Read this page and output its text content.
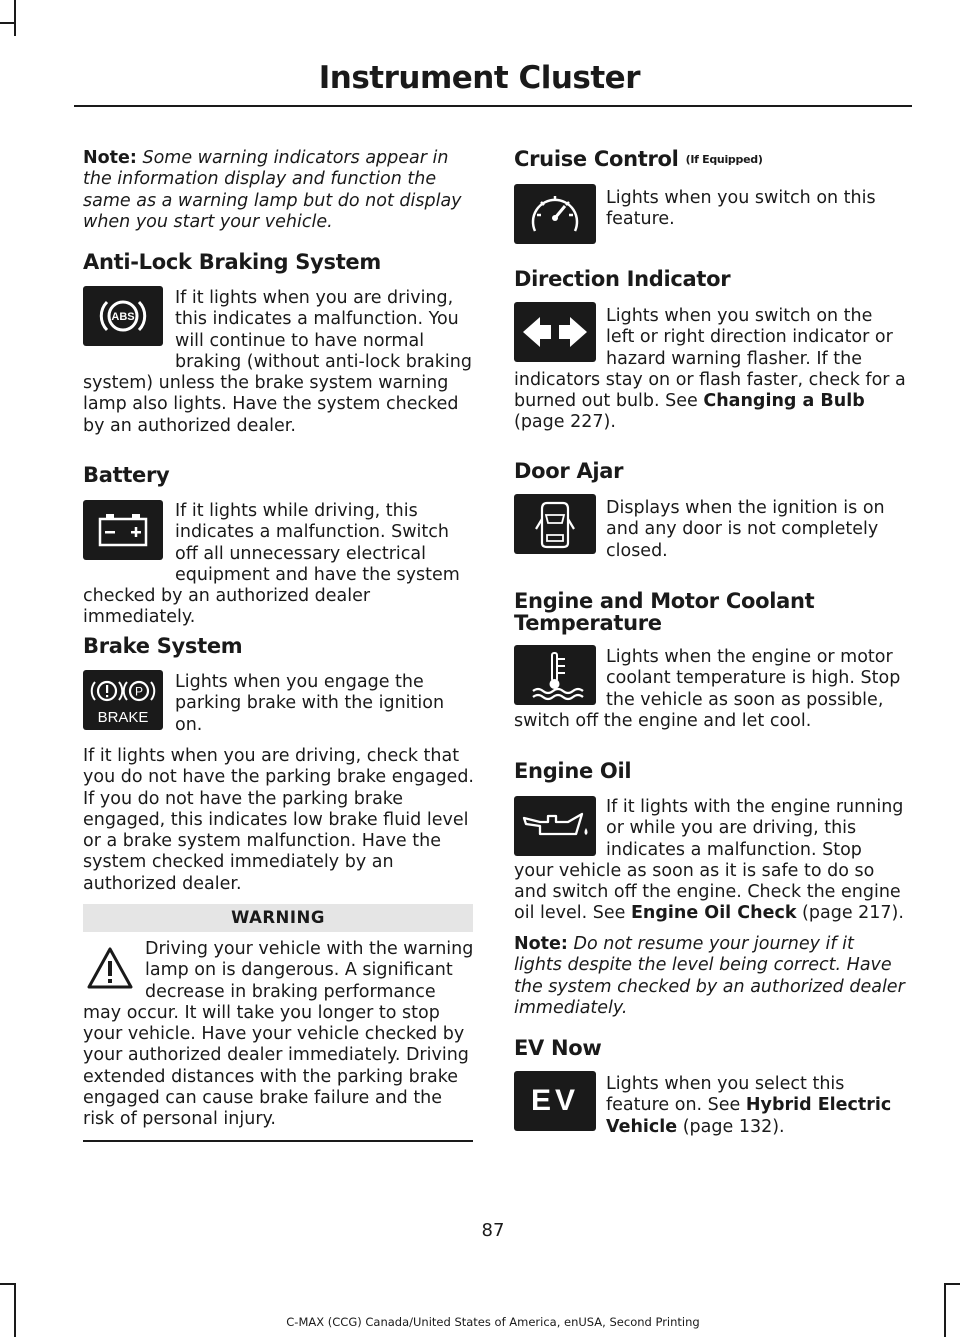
Instrument Cluster
Note: Some warning indicators appear in the information display and function the same as a warning lamp but do not display when you start your vehicle.
Anti-Lock Braking System
ABS
If it lights when you are driving, this indicates a malfunction. You will continue to have normal braking (without anti-lock braking system) unless the brake system warning lamp also lights. Have the system checked by an authorized dealer.
Battery
If it lights while driving, this indicates a malfunction. Switch off all unnecessary electrical equipment and have the system checked by an authorized dealer immediately.
Brake System
P
BRAKE
Lights when you engage the parking brake with the ignition on.
If it lights when you are driving, check that you do not have the parking brake engaged. If you do not have the parking brake engaged, this indicates low brake fluid level or a brake system malfunction. Have the system checked immediately by an authorized dealer.
WARNING
Driving your vehicle with the warning lamp on is dangerous. A significant decrease in braking performance may occur. It will take you longer to stop your vehicle. Have your vehicle checked by your authorized dealer immediately. Driving extended distances with the parking brake engaged can cause brake failure and the risk of personal injury.
Cruise Control (If Equipped)
Lights when you switch on this feature.
Direction Indicator
Lights when you switch on the left or right direction indicator or hazard warning flasher. If the indicators stay on or flash faster, check for a burned out bulb. See Changing a Bulb (page 227).
Door Ajar
Displays when the ignition is on and any door is not completely closed.
Engine and Motor Coolant Temperature
Lights when the engine or motor coolant temperature is high. Stop the vehicle as soon as possible, switch off the engine and let cool.
Engine Oil
If it lights with the engine running or while you are driving, this indicates a malfunction. Stop your vehicle as soon as it is safe to do so and switch off the engine. Check the engine oil level. See Engine Oil Check (page 217).
Note: Do not resume your journey if it lights despite the level being correct. Have the system checked by an authorized dealer immediately.
EV Now
EV	Lights when you select this feature on. See Hybrid Electric Vehicle (page 132).
87
C-MAX (CCG) Canada/United States of America, enUSA, Second Printing
